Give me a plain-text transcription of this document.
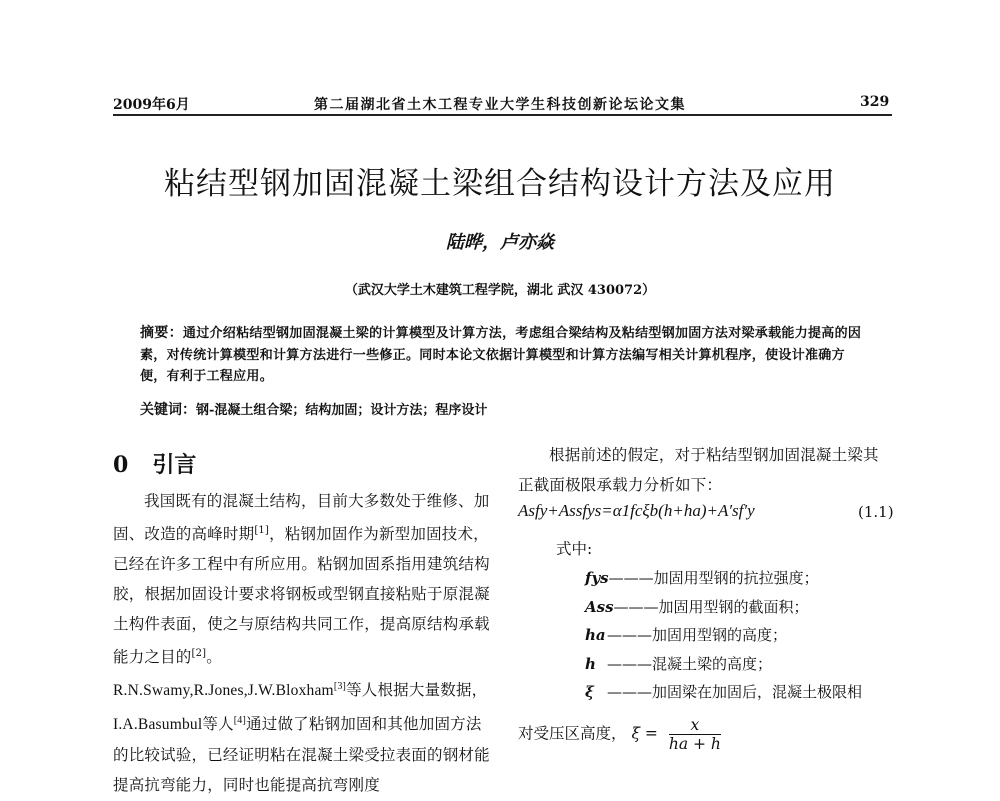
2009年6月	第二届湖北省土木工程专业大学生科技创新论坛论文集	329
粘结型钢加固混凝土梁组合结构设计方法及应用
陆晔，卢亦焱
（武汉大学土木建筑工程学院，湖北 武汉 430072）
摘要：通过介绍粘结型钢加固混凝土梁的计算模型及计算方法，考虑组合梁结构及粘结型钢加固方法对梁承载能力提高的因素，对传统计算模型和计算方法进行一些修正。同时本论文依据计算模型和计算方法编写相关计算机程序，使设计准确方便，有利于工程应用。
关键词：钢-混凝土组合梁；结构加固；设计方法；程序设计
0 引言
我国既有的混凝土结构，目前大多数处于维修、加固、改造的高峰时期[1]，粘钢加固作为新型加固技术，已经在许多工程中有所应用。粘钢加固系指用建筑结构胶，根据加固设计要求将钢板或型钢直接粘贴于原混凝土构件表面，使之与原结构共同工作，提高原结构承载能力之目的[2]。
R.N.Swamy,R.Jones,J.W.Bloxham[3]等人根据大量数据，I.A.Basumbul等人[4]通过做了粘钢加固和其他加固方法的比较试验，已经证明粘在混凝土梁受拉表面的钢材能提高抗弯能力，同时也能提高抗弯刚度

根据前述的假定，对于粘结型钢加固混凝土梁其正截面极限承载力分析如下：

Asfy+Assfys=α1fcξb(h+ha)+A′sf′y	(1.1)
式中:
fys———加固用型钢的抗拉强度；
Ass———加固用型钢的截面积；
ha———加固用型钢的高度；
h ———混凝土梁的高度；
ξ ———加固梁在加固后，混凝土极限相
对受压区高度， $\xi = \frac{x}{ha + h}$
